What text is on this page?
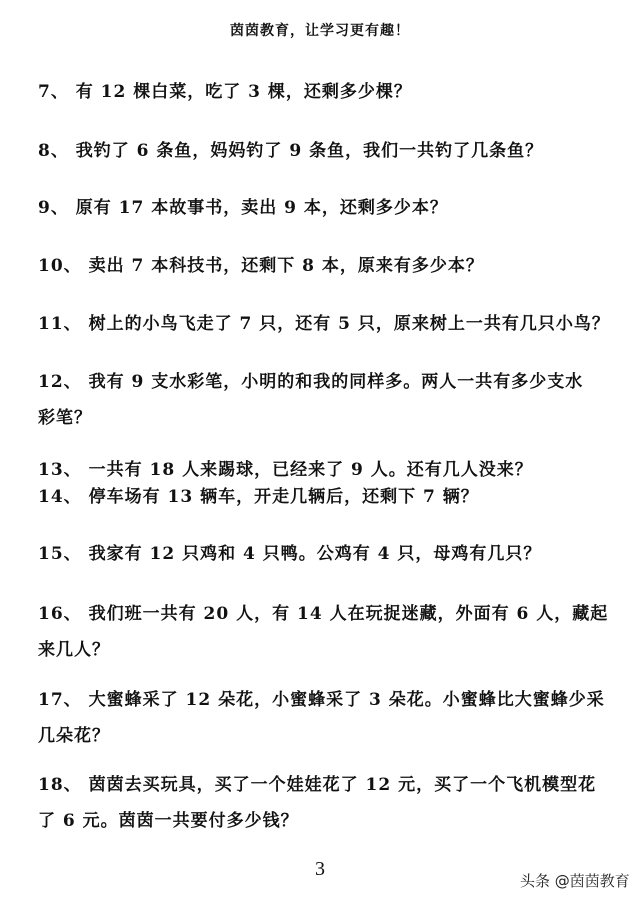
茵茵教育，让学习更有趣！
7、 有 12 棵白菜，吃了 3 棵，还剩多少棵？
8、 我钓了 6 条鱼，妈妈钓了 9 条鱼，我们一共钓了几条鱼？
9、 原有 17 本故事书，卖出 9 本，还剩多少本？
10、 卖出 7 本科技书，还剩下 8 本，原来有多少本？
11、 树上的小鸟飞走了 7 只，还有 5 只，原来树上一共有几只小鸟？
12、 我有 9 支水彩笔，小明的和我的同样多。两人一共有多少支水
彩笔？
13、 一共有 18 人来踢球，已经来了 9 人。还有几人没来？
14、 停车场有 13 辆车，开走几辆后，还剩下 7 辆？
15、 我家有 12 只鸡和 4 只鸭。公鸡有 4 只，母鸡有几只？
16、 我们班一共有 20 人，有 14 人在玩捉迷藏，外面有 6 人，藏起
来几人？
17、 大蜜蜂采了 12 朵花，小蜜蜂采了 3 朵花。小蜜蜂比大蜜蜂少采
几朵花？
18、 茵茵去买玩具，买了一个娃娃花了 12 元，买了一个飞机模型花
了 6 元。茵茵一共要付多少钱？
3
头条 @茵茵教育
